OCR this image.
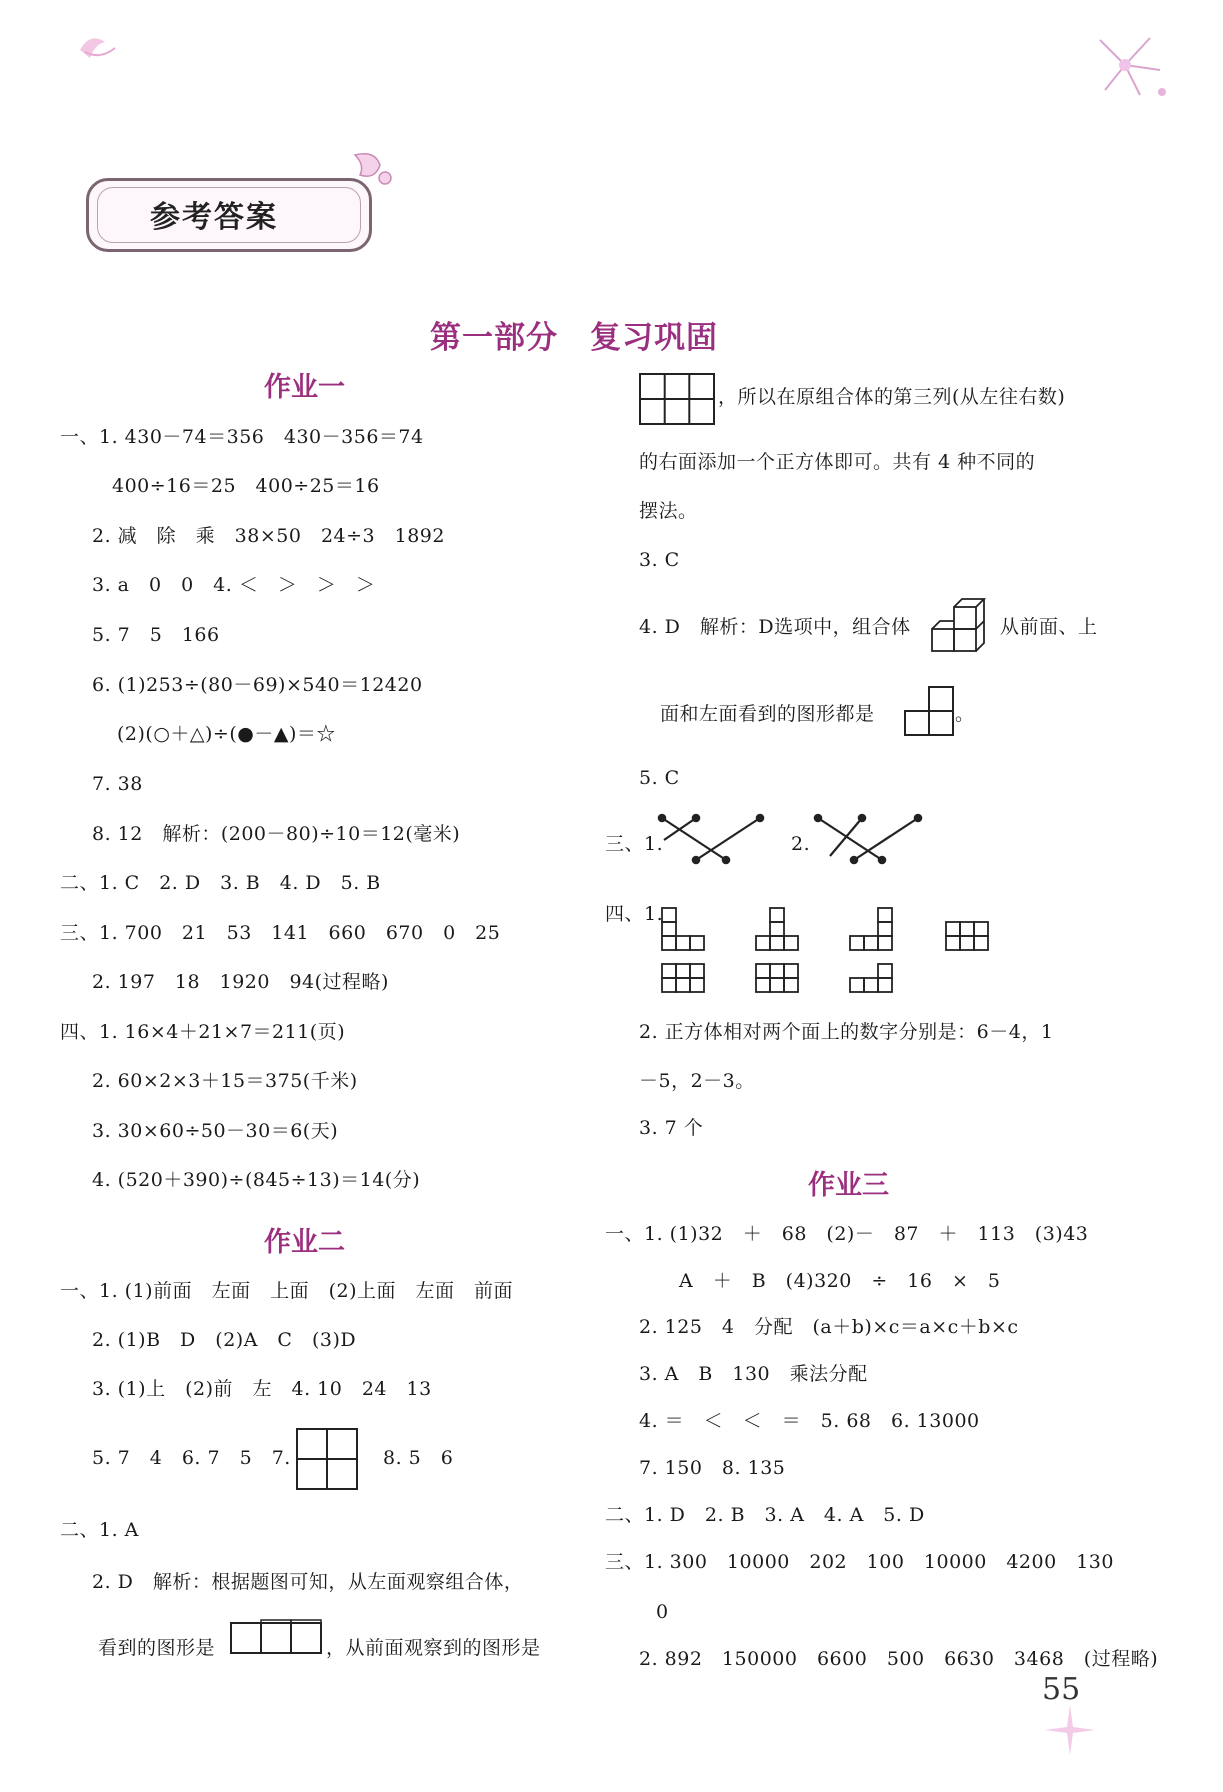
参考答案
第一部分　复习巩固
作业一
一、1. 430－74＝356　430－356＝74
400÷16＝25　400÷25＝16
2. 减　除　乘　38×50　24÷3　1892
3. a　0　0　4. ＜　＞　＞　＞
5. 7　5　166
6. (1)253÷(80－69)×540＝12420
(2)(○＋△)÷(●－▲)＝☆
7. 38
8. 12　解析：(200－80)÷10＝12(毫米)
二、1. C　2. D　3. B　4. D　5. B
三、1. 700　21　53　141　660　670　0　25
2. 197　18　1920　94(过程略)
四、1. 16×4＋21×7＝211(页)
2. 60×2×3＋15＝375(千米)
3. 30×60÷50－30＝6(天)
4. (520＋390)÷(845÷13)＝14(分)
作业二
一、1. (1)前面　左面　上面　(2)上面　左面　前面
2. (1)B　D　(2)A　C　(3)D
3. (1)上　(2)前　左　4. 10　24　13
5. 7　4　6. 7　5　7.	8. 5　6
二、1. A
2. D　解析：根据题图可知，从左面观察组合体，
看到的图形是	，从前面观察到的图形是
，所以在原组合体的第三列(从左往右数)
的右面添加一个正方体即可。共有 4 种不同的
摆法。
3. C
4. D　解析：D选项中，组合体	从前面、上
面和左面看到的图形都是	。
5. C
三、1.	2.
四、1.
2. 正方体相对两个面上的数字分别是：6－4，1
－5，2－3。
3. 7 个
作业三
一、1. (1)32　＋　68　(2)－　87　＋　113　(3)43
A　＋　B　(4)320　÷　16　×　5
2. 125　4　分配　(a＋b)×c＝a×c＋b×c
3. A　B　130　乘法分配
4. ＝　＜　＜　＝　5. 68　6. 13000
7. 150　8. 135
二、1. D　2. B　3. A　4. A　5. D
三、1. 300　10000　202　100　10000　4200　130
0
2. 892　150000　6600　500　6630　3468　(过程略)
55
